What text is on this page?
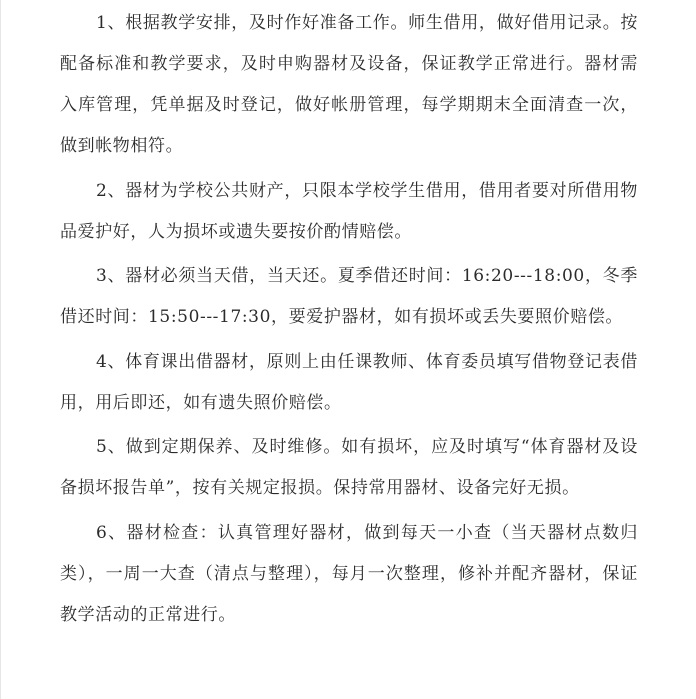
1、根据教学安排，及时作好准备工作。师生借用，做好借用记录。按配备标准和教学要求，及时申购器材及设备，保证教学正常进行。器材需入库管理，凭单据及时登记，做好帐册管理，每学期期末全面清查一次，做到帐物相符。

2、器材为学校公共财产，只限本学校学生借用，借用者要对所借用物品爱护好，人为损坏或遗失要按价酌情赔偿。

3、器材必须当天借，当天还。夏季借还时间：16:20---18:00，冬季借还时间：15:50---17:30，要爱护器材，如有损坏或丢失要照价赔偿。

4、体育课出借器材，原则上由任课教师、体育委员填写借物登记表借用，用后即还，如有遗失照价赔偿。

5、做到定期保养、及时维修。如有损坏，应及时填写“体育器材及设备损坏报告单”，按有关规定报损。保持常用器材、设备完好无损。

6、器材检查：认真管理好器材，做到每天一小查（当天器材点数归类），一周一大查（清点与整理），每月一次整理，修补并配齐器材，保证教学活动的正常进行。
